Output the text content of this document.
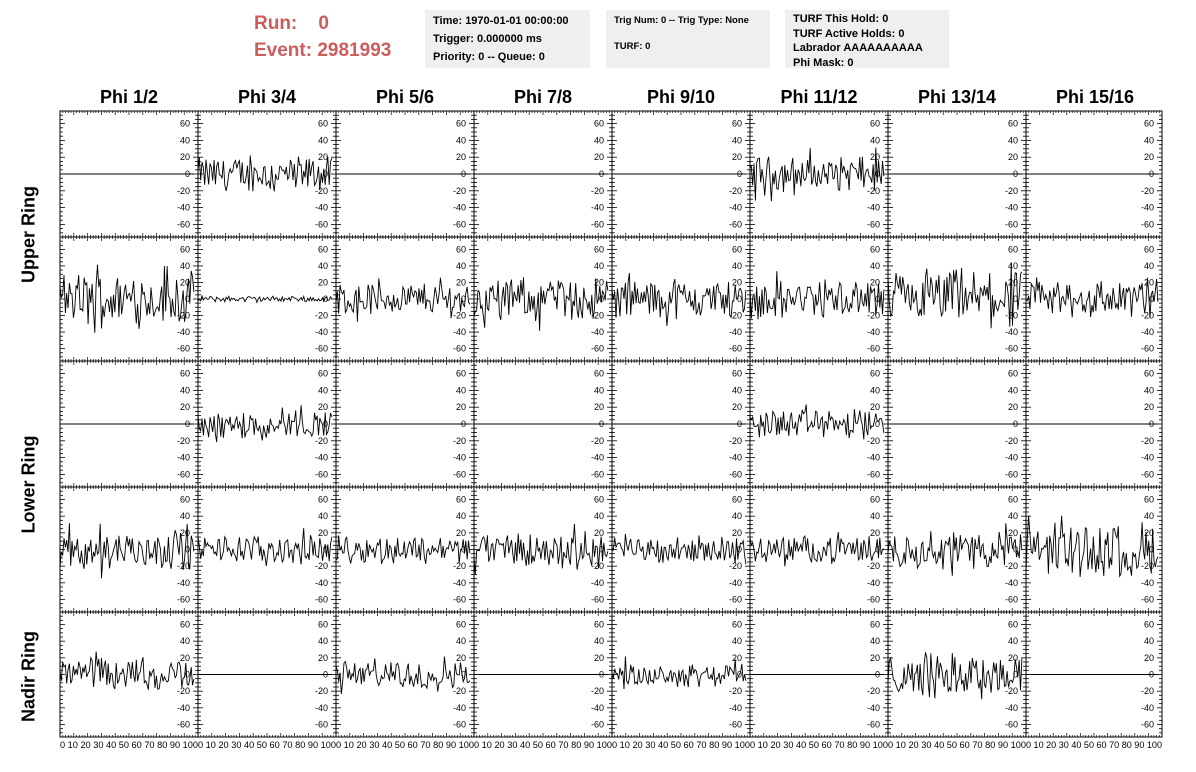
-60
-40
-20
0
20
40
60
-60
-40
-20
0
20
40
60
-60
-40
-20
0
20
40
60
-60
-40
-20
0
20
40
60
-60
-40
-20
0
20
40
60
-60
-40
-20
0
20
40
60
-60
-40
-20
0
20
40
60
-60
-40
-20
0
20
40
60
-60
-40
-20
0
20
40
60
-60
-40
-20
0
20
40
60
-60
-40
-20
0
20
40
60
-60
-40
-20
0
20
40
60
-60
-40
-20
0
20
40
60
-60
-40
-20
0
20
40
60
-60
-40
-20
0
20
40
60
-60
-40
-20
0
20
40
60
-60
-40
-20
0
20
40
60
-60
-40
-20
0
20
40
60
-60
-40
-20
0
20
40
60
-60
-40
-20
0
20
40
60
-60
-40
-20
0
20
40
60
-60
-40
-20
0
20
40
60
-60
-40
-20
0
20
40
60
-60
-40
-20
0
20
40
60
-60
-40
-20
0
20
40
60
-60
-40
-20
0
20
40
60
-60
-40
-20
0
20
40
60
-60
-40
-20
0
20
40
60
-60
-40
-20
0
20
40
60
-60
-40
-20
0
20
40
60
-60
-40
-20
0
20
40
60
-60
-40
-20
0
20
40
60
-60
-40
-20
0
20
40
60
-60
-40
-20
0
20
40
60
-60
-40
-20
0
20
40
60
-60
-40
-20
0
20
40
60
-60
-40
-20
0
20
40
60
-60
-40
-20
0
20
40
60
-60
-40
-20
0
20
40
60
-60
-40
-20
0
20
40
60
0 10 20 30 40 50 60 70 80 90 100 0 10 20 30 40 50 60 70 80 90 100 0 10 20 30 40 50 60 70 80 90 100 0 10 20 30 40 50 60 70 80 90 100 0 10 20 30 40 50 60 70 80 90 100 0 10 20 30 40 50 60 70 80 90 100 0 10 20 30 40 50 60 70 80 90 100 0 10 20 30 40 50 60 70 80 90 100
Run: 0
Event: 2981993
Time: 1970-01-01 00:00:00
Trigger: 0.000000 ms
Priority: 0 -- Queue: 0
Trig Num: 0 -- Trig Type: None
TURF: 0
TURF This Hold: 0
TURF Active Holds: 0
Labrador AAAAAAAAAA
Phi Mask: 0
Phi 1/2	Phi 3/4	Phi 5/6	Phi 7/8	Phi 9/10	Phi 11/12	Phi 13/14	Phi 15/16
Upper Ring
Lower Ring
Nadir Ring
